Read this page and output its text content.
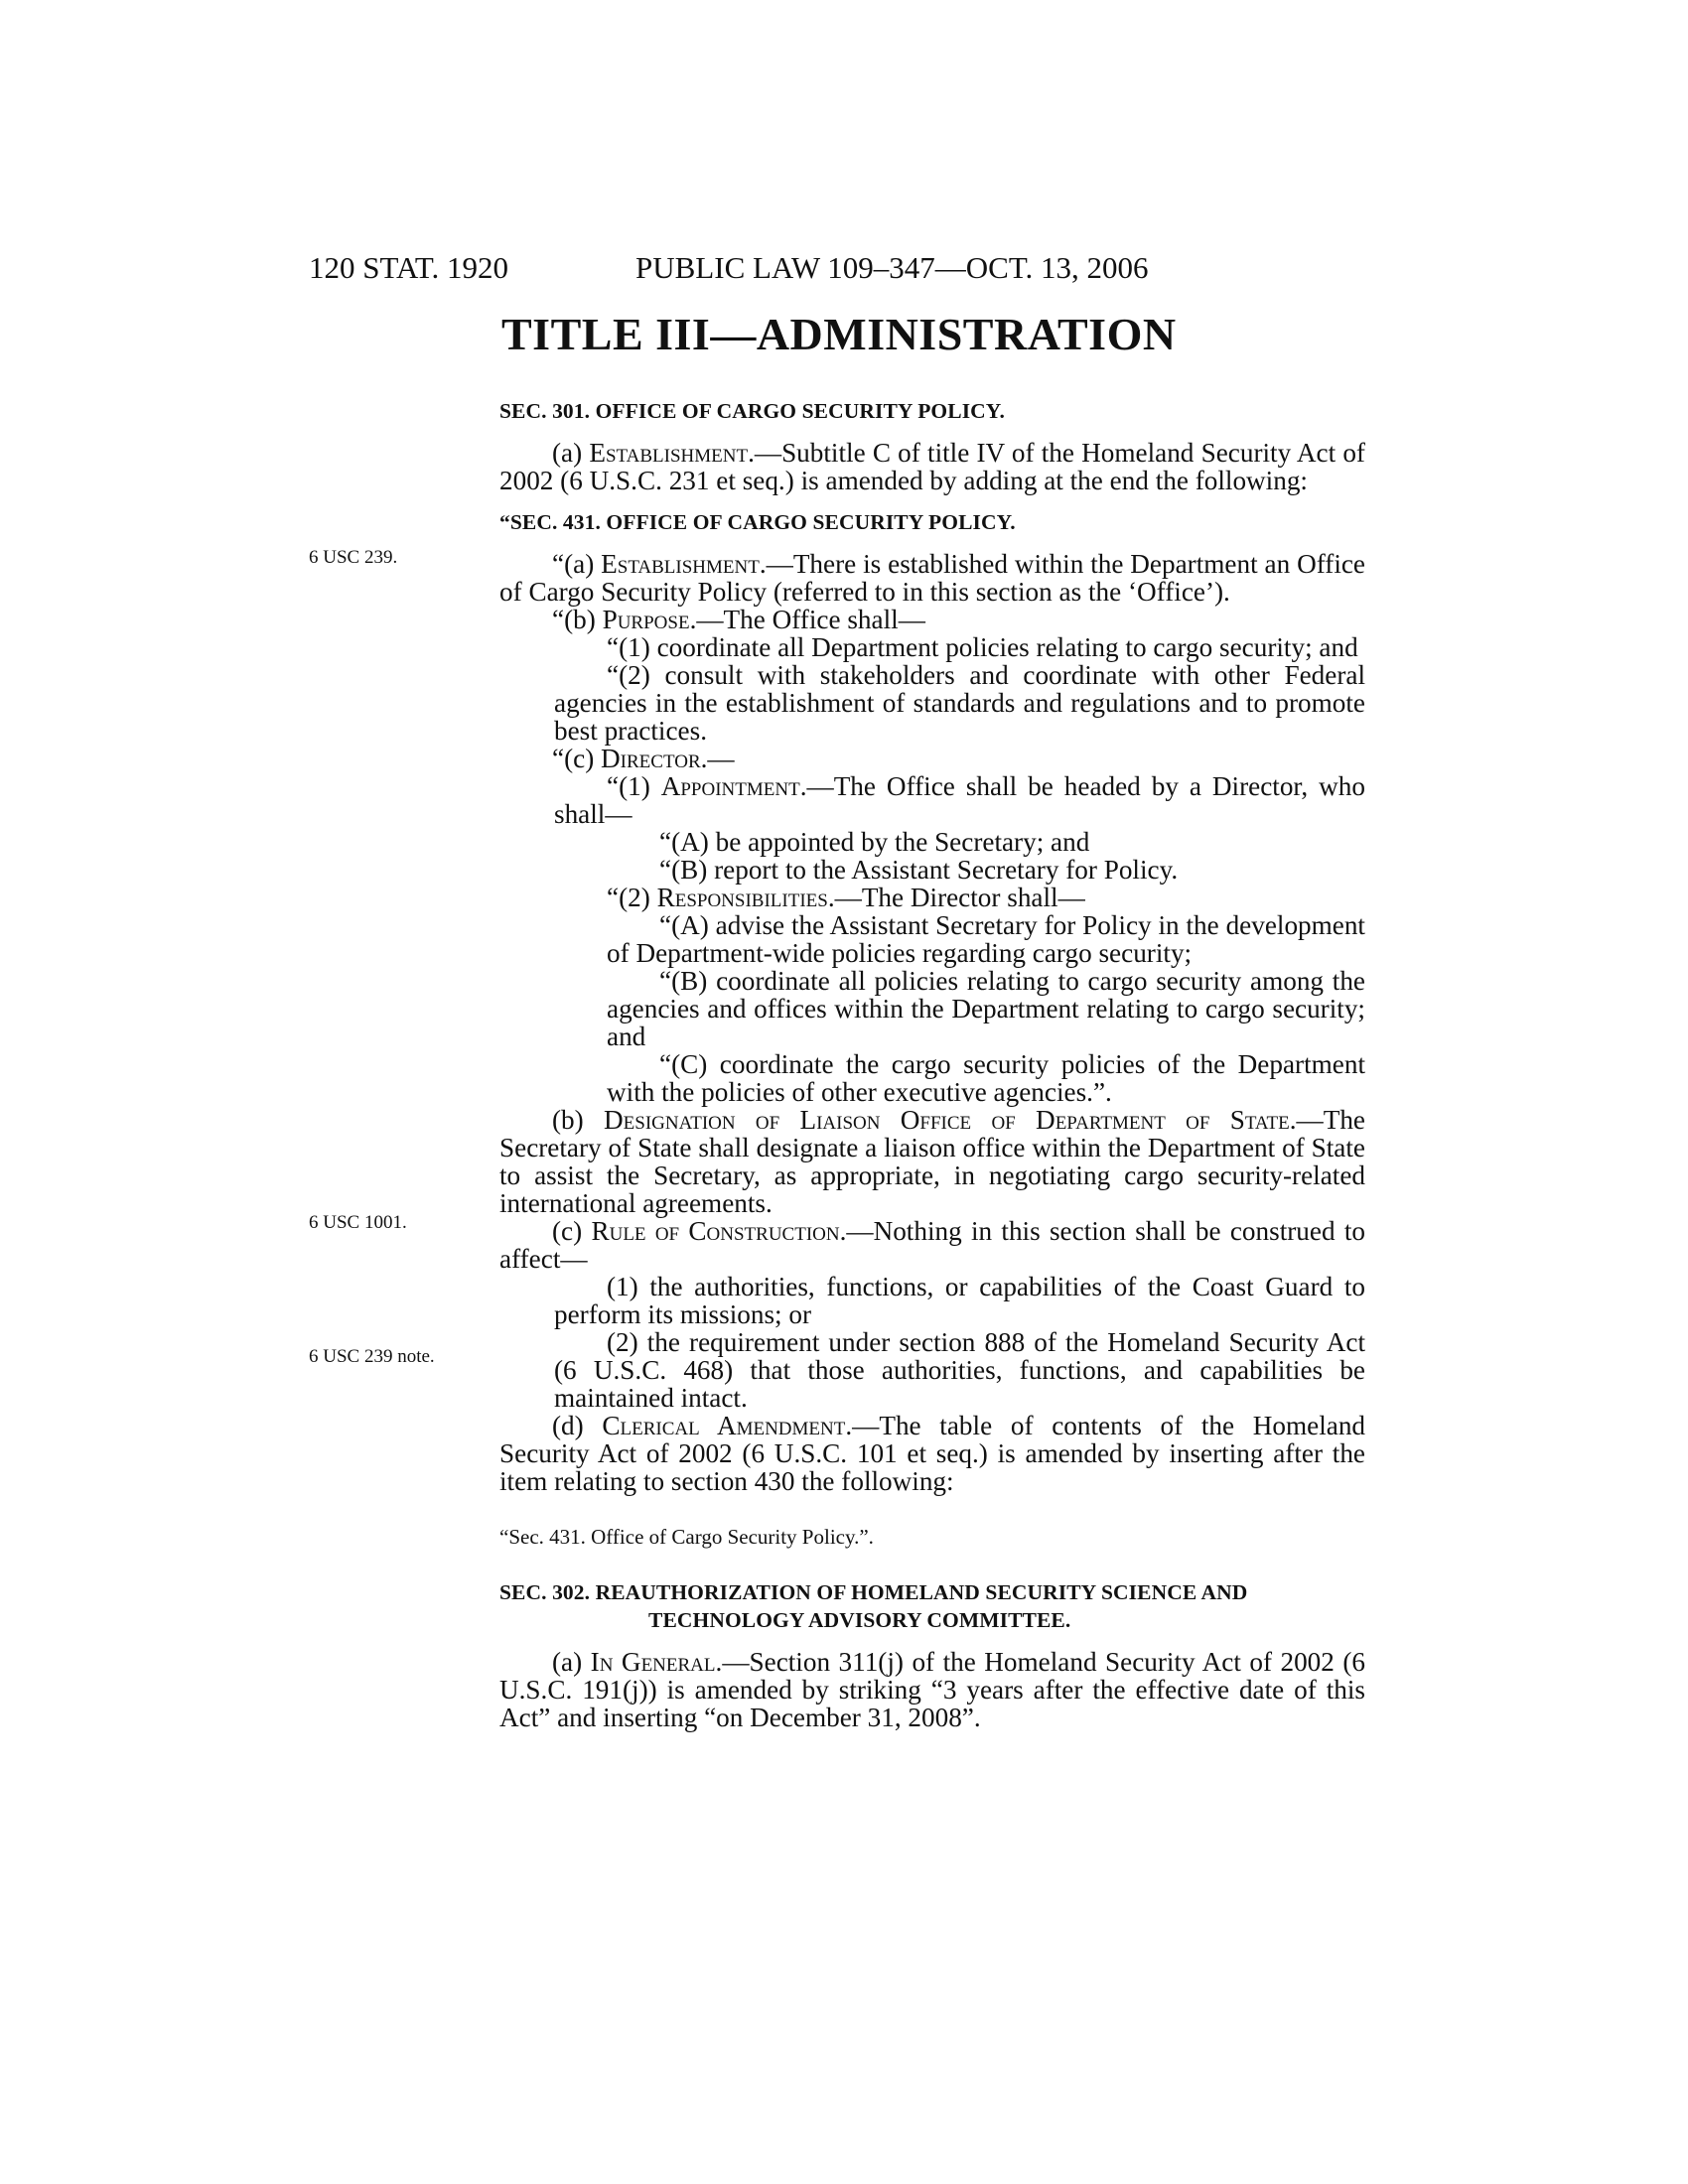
120 STAT. 1920	PUBLIC LAW 109–347—OCT. 13, 2006
TITLE III—ADMINISTRATION
6 USC 239.
6 USC 1001.
6 USC 239 note.
SEC. 301. OFFICE OF CARGO SECURITY POLICY.

(a) Establishment.—Subtitle C of title IV of the Homeland Security Act of 2002 (6 U.S.C. 231 et seq.) is amended by adding at the end the following:

“SEC. 431. OFFICE OF CARGO SECURITY POLICY.

“(a) Establishment.—There is established within the Department an Office of Cargo Security Policy (referred to in this section as the ‘Office’).

“(b) Purpose.—The Office shall—

“(1) coordinate all Department policies relating to cargo security; and

“(2) consult with stakeholders and coordinate with other Federal agencies in the establishment of standards and regulations and to promote best practices.

“(c) Director.—

“(1) Appointment.—The Office shall be headed by a Director, who shall—

“(A) be appointed by the Secretary; and

“(B) report to the Assistant Secretary for Policy.

“(2) Responsibilities.—The Director shall—

“(A) advise the Assistant Secretary for Policy in the development of Department-wide policies regarding cargo security;

“(B) coordinate all policies relating to cargo security among the agencies and offices within the Department relating to cargo security; and

“(C) coordinate the cargo security policies of the Department with the policies of other executive agencies.”.

(b) Designation of Liaison Office of Department of State.—The Secretary of State shall designate a liaison office within the Department of State to assist the Secretary, as appropriate, in negotiating cargo security-related international agreements.

(c) Rule of Construction.—Nothing in this section shall be construed to affect—

(1) the authorities, functions, or capabilities of the Coast Guard to perform its missions; or

(2) the requirement under section 888 of the Homeland Security Act (6 U.S.C. 468) that those authorities, functions, and capabilities be maintained intact.

(d) Clerical Amendment.—The table of contents of the Homeland Security Act of 2002 (6 U.S.C. 101 et seq.) is amended by inserting after the item relating to section 430 the following:

“Sec. 431. Office of Cargo Security Policy.”.
SEC. 302. REAUTHORIZATION OF HOMELAND SECURITY SCIENCE AND
TECHNOLOGY ADVISORY COMMITTEE.

(a) In General.—Section 311(j) of the Homeland Security Act of 2002 (6 U.S.C. 191(j)) is amended by striking “3 years after the effective date of this Act” and inserting “on December 31, 2008”.
